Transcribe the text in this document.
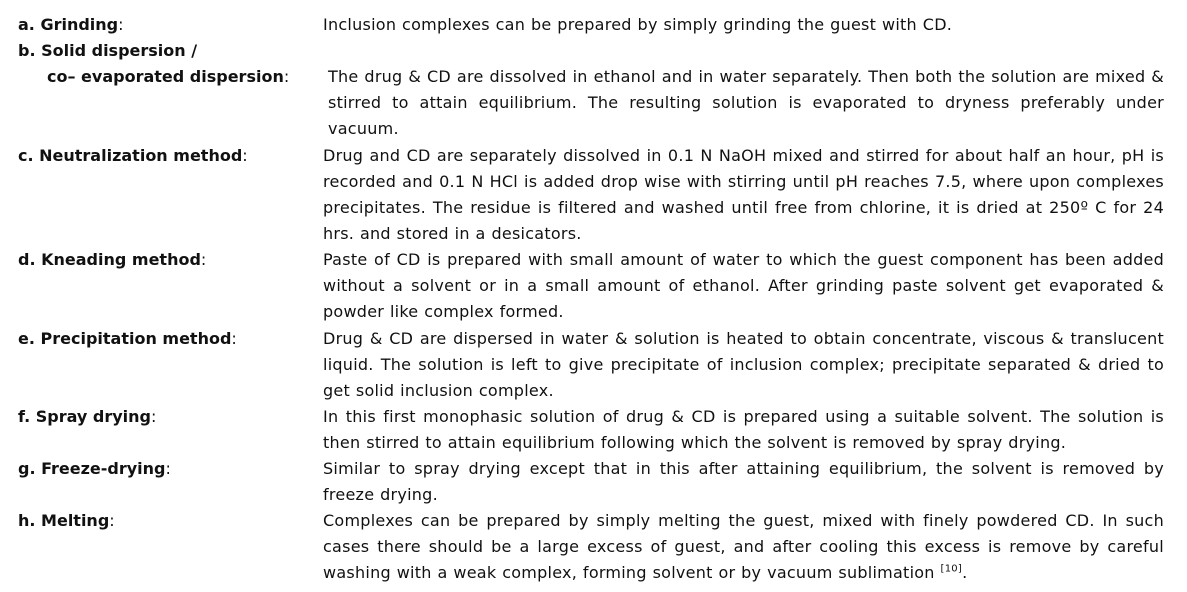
a. Grinding:	Inclusion complexes can be prepared by simply grinding the guest with CD.
b. Solid dispersion /
co– evaporated dispersion: The drug & CD are dissolved in ethanol and in water separately. Then both the solution are mixed & stirred to attain equilibrium. The resulting solution is evaporated to dryness preferably under vacuum.
c. Neutralization method:	Drug and CD are separately dissolved in 0.1 N NaOH mixed and stirred for about half an hour, pH is recorded and 0.1 N HCl is added drop wise with stirring until pH reaches 7.5, where upon complexes precipitates. The residue is filtered and washed until free from chlorine, it is dried at 250º C for 24 hrs. and stored in a desicators.
d. Kneading method:	Paste of CD is prepared with small amount of water to which the guest component has been added without a solvent or in a small amount of ethanol. After grinding paste solvent get evaporated & powder like complex formed.
e. Precipitation method:	Drug & CD are dispersed in water & solution is heated to obtain concentrate, viscous & translucent liquid. The solution is left to give precipitate of inclusion complex; precipitate separated & dried to get solid inclusion complex.
f. Spray drying:	In this first monophasic solution of drug & CD is prepared using a suitable solvent. The solution is then stirred to attain equilibrium following which the solvent is removed by spray drying.
g. Freeze-drying:	Similar to spray drying except that in this after attaining equilibrium, the solvent is removed by freeze drying.
h. Melting:	Complexes can be prepared by simply melting the guest, mixed with finely powdered CD. In such cases there should be a large excess of guest, and after cooling this excess is remove by careful washing with a weak complex, forming solvent or by vacuum sublimation [10].
